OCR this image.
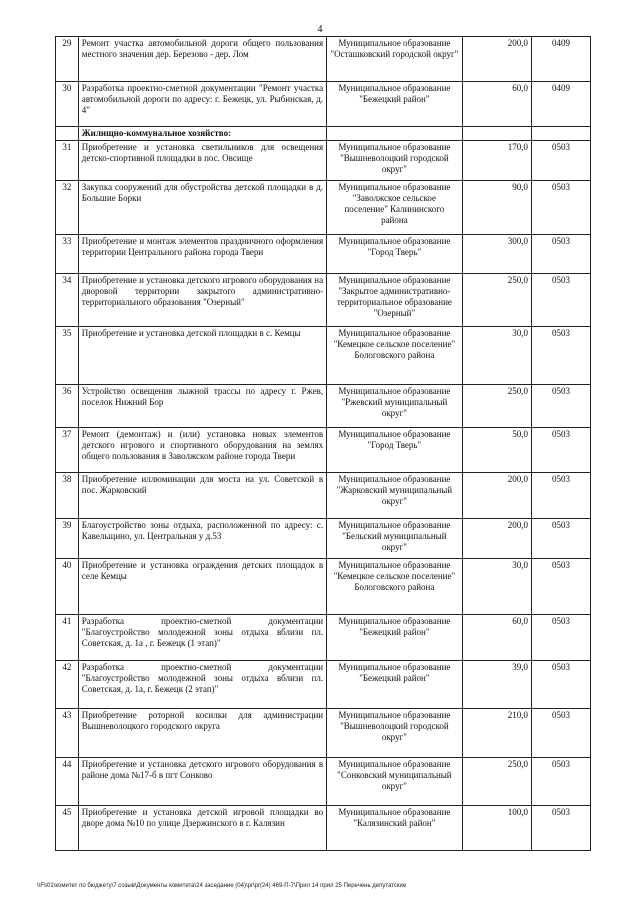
4
29	Ремонт участка автомобильной дороги общего пользования местного значения дер. Березово - дер. Лом	Муниципальное образование "Осташковский городской округ"	200,0	0409
30	Разработка проектно-сметной документации "Ремонт участка автомобильной дороги по адресу: г. Бежецк, ул. Рыбинская, д. 4"	Муниципальное образование "Бежецкий район"	60,0	0409
	Жилищно-коммунальное хозяйство:			
31	Приобретение и установка светильников для освещения детско-спортивной площадки в пос. Овсище	Муниципальное образование "Вышневолоцкий городской округ"	170,0	0503
32	Закупка сооружений для обустройства детской площадки в д. Большие Борки	Муниципальное образование "Заволжское сельское поселение" Калининского района	90,0	0503
33	Приобретение и монтаж элементов праздничного оформления территории Центрального района города Твери	Муниципальное образование "Город Тверь"	300,0	0503
34	Приобретение и установка детского игрового оборудования на дворовой территории закрытого административно-территориального образования "Озерный"	Муниципальное образование "Закрытое административно-территориальное образование "Озерный"	250,0	0503
35	Приобретение и установка детской площадки в с. Кемцы	Муниципальное образование "Кемецкое сельское поселение" Бологовского района	30,0	0503
36	Устройство освещения лыжной трассы по адресу г. Ржев, поселок Нижний Бор	Муниципальное образование "Ржевский муниципальный округ"	250,0	0503
37	Ремонт (демонтаж) и (или) установка новых элементов детского игрового и спортивного оборудования на землях общего пользования в Заволжском районе города Твери	Муниципальное образование "Город Тверь"	50,0	0503
38	Приобретение иллюминации для моста на ул. Советской в пос. Жарковский	Муниципальное образование "Жарковский муниципальный округ"	200,0	0503
39	Благоустройство зоны отдыха, расположенной по адресу: с. Кавельщино, ул. Центральная у д.53	Муниципальное образование "Бельский муниципальный округ"	200,0	0503
40	Приобретение и установка ограждения детских площадок в селе Кемцы	Муниципальное образование "Кемецкое сельское поселение" Бологовского района	30,0	0503
41	Разработка проектно-сметной документации "Благоустройство молодежной зоны отдыха вблизи пл. Советская, д. 1а , г. Бежецк (1 этап)"	Муниципальное образование "Бежецкий район"	60,0	0503
42	Разработка проектно-сметной документации "Благоустройство молодежной зоны отдыха вблизи пл. Советская, д. 1а, г. Бежецк (2 этап)"	Муниципальное образование "Бежецкий район"	39,0	0503
43	Приобретение роторной косилки для администрации Вышневолоцкого городского округа	Муниципальное образование "Вышневолоцкий городской округ"	210,0	0503
44	Приобретение и установка детского игрового оборудования в районе дома №17-б в пгт Сонково	Муниципальное образование "Сонковский муниципальный округ"	250,0	0503
45	Приобретение и установка детской игровой площадки во дворе дома №10 по улице Дзержинского в г. Калязин	Муниципальное образование "Калязинский район"	100,0	0503
\\Fs01\комитет по бюджету\7 созыв\Документы комитета\24 заседание (04)\pr\pr(24) 469-П-7\Прил 14 прил 25 Перечень депутатские
